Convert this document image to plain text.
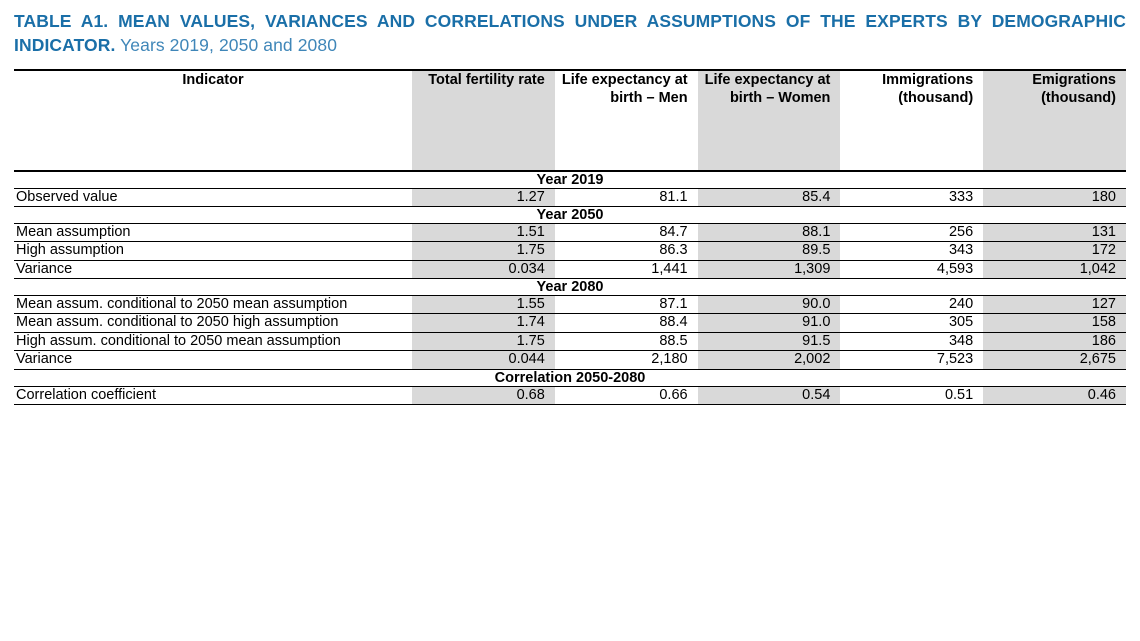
TABLE A1. MEAN VALUES, VARIANCES AND CORRELATIONS UNDER ASSUMPTIONS OF THE EXPERTS BY DEMOGRAPHIC INDICATOR. Years 2019, 2050 and 2080
Indicator	Total fertility rate	Life expectancy at birth – Men	Life expectancy at birth – Women	Immigrations (thousand)	Emigrations (thousand)

Year 2019					
Observed value	1.27	81.1	85.4	333	180
Year 2050					
Mean assumption	1.51	84.7	88.1	256	131
High assumption	1.75	86.3	89.5	343	172
Variance	0.034	1,441	1,309	4,593	1,042
Year 2080					
Mean assum. conditional to 2050 mean assumption	1.55	87.1	90.0	240	127
Mean assum. conditional to 2050 high assumption	1.74	88.4	91.0	305	158
High assum. conditional to 2050 mean assumption	1.75	88.5	91.5	348	186
Variance	0.044	2,180	2,002	7,523	2,675
Correlation 2050-2080					
Correlation coefficient	0.68	0.66	0.54	0.51	0.46
